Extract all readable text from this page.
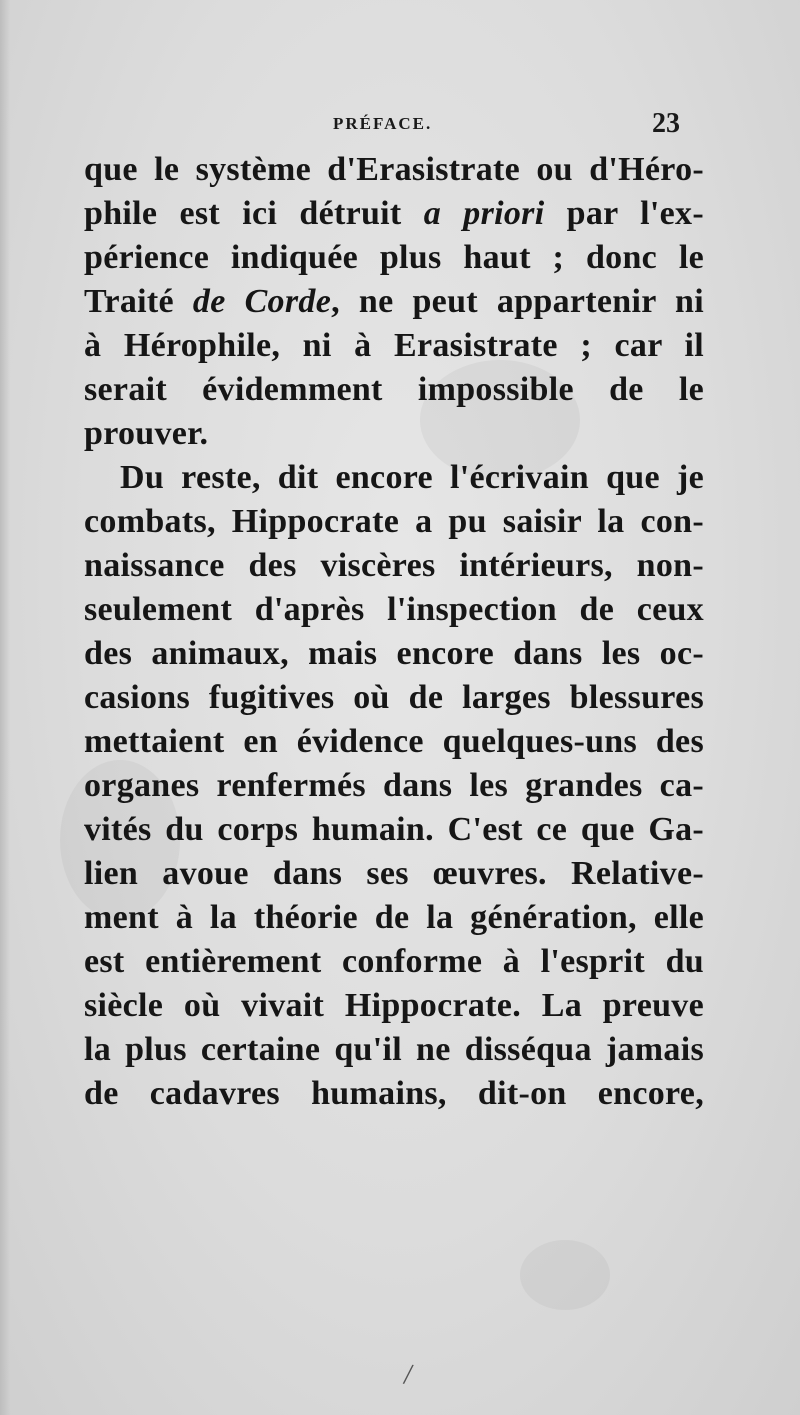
PRÉFACE.	23
que le système d'Erasistrate ou d'Héro-
phile est ici détruit a priori par l'ex-
périence indiquée plus haut ; donc le
Traité de Corde, ne peut appartenir ni
à Hérophile, ni à Erasistrate ; car il
serait évidemment impossible de le
prouver.
Du reste, dit encore l'écrivain que je
combats, Hippocrate a pu saisir la con-
naissance des viscères intérieurs, non-
seulement d'après l'inspection de ceux
des animaux, mais encore dans les oc-
casions fugitives où de larges blessures
mettaient en évidence quelques-uns des
organes renfermés dans les grandes ca-
vités du corps humain. C'est ce que Ga-
lien avoue dans ses œuvres. Relative-
ment à la théorie de la génération, elle
est entièrement conforme à l'esprit du
siècle où vivait Hippocrate. La preuve
la plus certaine qu'il ne disséqua jamais
de cadavres humains, dit-on encore,
/
